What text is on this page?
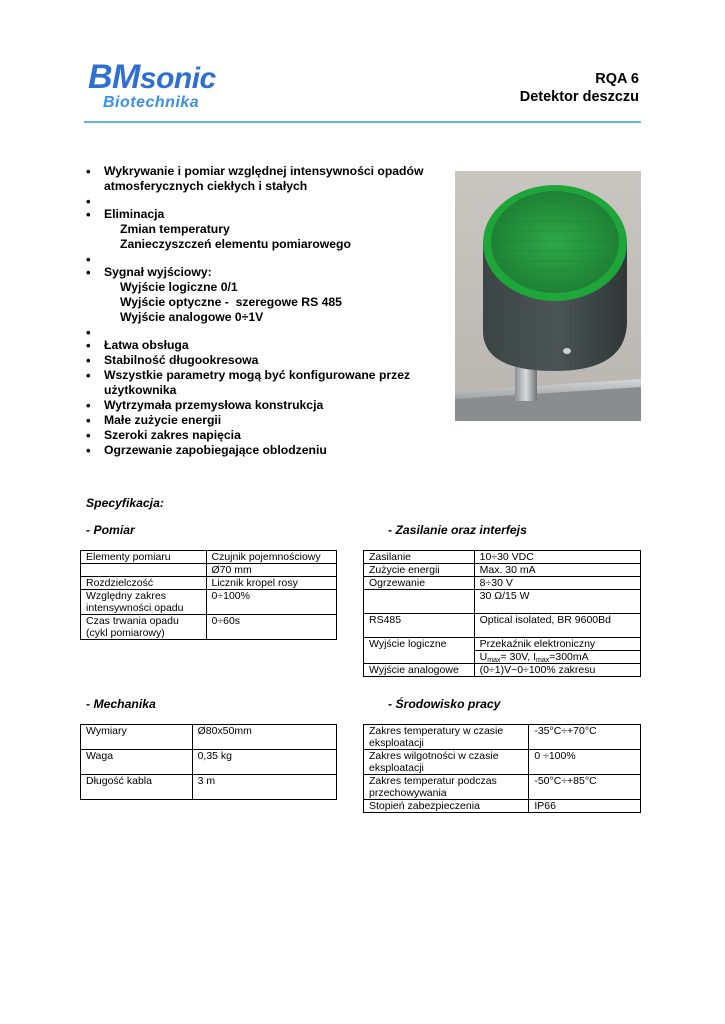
BMsonic
Biotechnika
RQA 6
Detektor deszczu
• Wykrywanie i pomiar względnej intensywności opadów atmosferycznych ciekłych i stałych
•
• Eliminacja
Zmian temperatury
Zanieczyszczeń elementu pomiarowego
•
• Sygnał wyjściowy:
Wyjście logiczne 0/1
Wyjście optyczne -  szeregowe RS 485
Wyjście analogowe 0÷1V
•
• Łatwa obsługa
• Stabilność długookresowa
• Wszystkie parametry mogą być konfigurowane przez użytkownika
• Wytrzymała przemysłowa konstrukcja
• Małe zużycie energii
• Szeroki zakres napięcia
• Ogrzewanie zapobiegające oblodzeniu
Specyfikacja:
- Pomiar
Elementy pomiaru	Czujnik pojemnościowy
	Ø70 mm
Rozdzielczość	Licznik kropel rosy
Względny zakres intensywności opadu	0÷100%
Czas trwania opadu (cykl pomiarowy)	0÷60s
- Zasilanie oraz interfejs
Zasilanie	10÷30 VDC
Zużycie energii	Max. 30 mA
Ogrzewanie	8÷30 V
	30 Ω/15 W
RS485	Optical isolated, BR 9600Bd
Wyjście logiczne	Przekaźnik elektroniczny
	$U_{max}= 30V$, $I_{max}=300mA$
Wyjście analogowe	(0÷1)V~0÷100% zakresu
- Mechanika
Wymiary	Ø80x50mm
Waga	0,35 kg
Długość kabla	3 m
- Środowisko pracy
Zakres temperatury w czasie eksploatacji	-35°C÷+70°C
Zakres wilgotności w czasie eksploatacji	0 ÷100%
Zakres temperatur podczas przechowywania	-50°C÷+85°C
Stopień zabezpieczenia	IP66
